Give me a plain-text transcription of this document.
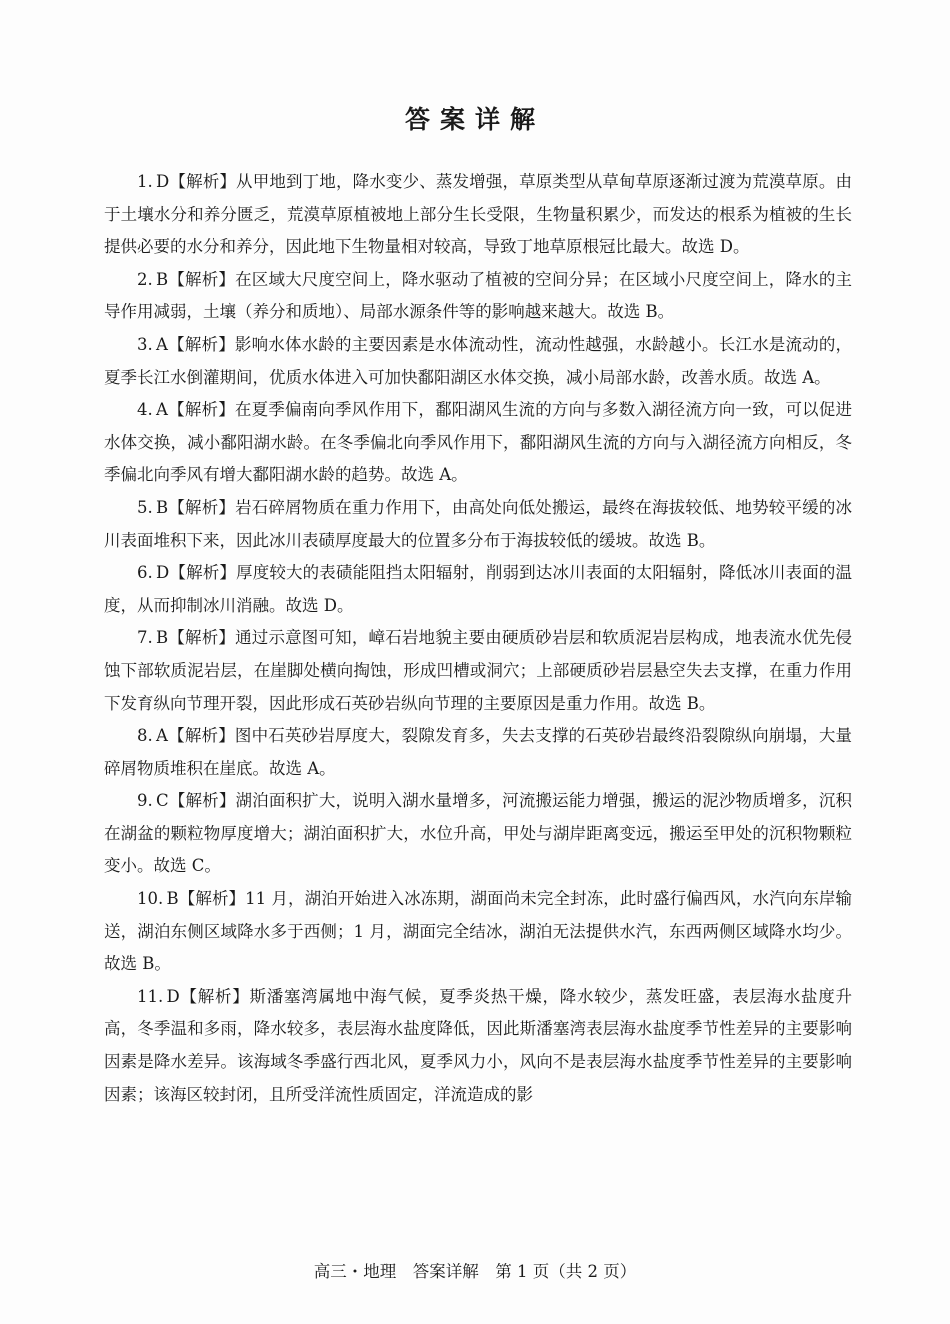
答案详解

1.  D【解析】从甲地到丁地，降水变少、蒸发增强，草原类型从草甸草原逐渐过渡为荒漠草原。由于土壤水分和养分匮乏，荒漠草原植被地上部分生长受限，生物量积累少，而发达的根系为植被的生长提供必要的水分和养分，因此地下生物量相对较高，导致丁地草原根冠比最大。故选 D。

2.  B【解析】在区域大尺度空间上，降水驱动了植被的空间分异；在区域小尺度空间上，降水的主导作用减弱，土壤（养分和质地）、局部水源条件等的影响越来越大。故选 B。

3.  A【解析】影响水体水龄的主要因素是水体流动性，流动性越强，水龄越小。长江水是流动的，夏季长江水倒灌期间，优质水体进入可加快鄱阳湖区水体交换，减小局部水龄，改善水质。故选 A。

4.  A【解析】在夏季偏南向季风作用下，鄱阳湖风生流的方向与多数入湖径流方向一致，可以促进水体交换，减小鄱阳湖水龄。在冬季偏北向季风作用下，鄱阳湖风生流的方向与入湖径流方向相反，冬季偏北向季风有增大鄱阳湖水龄的趋势。故选 A。

5.  B【解析】岩石碎屑物质在重力作用下，由高处向低处搬运，最终在海拔较低、地势较平缓的冰川表面堆积下来，因此冰川表碛厚度最大的位置多分布于海拔较低的缓坡。故选 B。

6.  D【解析】厚度较大的表碛能阻挡太阳辐射，削弱到达冰川表面的太阳辐射，降低冰川表面的温度，从而抑制冰川消融。故选 D。

7.  B【解析】通过示意图可知，嶂石岩地貌主要由硬质砂岩层和软质泥岩层构成，地表流水优先侵蚀下部软质泥岩层，在崖脚处横向掏蚀，形成凹槽或洞穴；上部硬质砂岩层悬空失去支撑，在重力作用下发育纵向节理开裂，因此形成石英砂岩纵向节理的主要原因是重力作用。故选 B。

8.  A【解析】图中石英砂岩厚度大，裂隙发育多，失去支撑的石英砂岩最终沿裂隙纵向崩塌，大量碎屑物质堆积在崖底。故选 A。

9.  C【解析】湖泊面积扩大，说明入湖水量增多，河流搬运能力增强，搬运的泥沙物质增多，沉积在湖盆的颗粒物厚度增大；湖泊面积扩大，水位升高，甲处与湖岸距离变远，搬运至甲处的沉积物颗粒变小。故选 C。

10.  B【解析】11 月，湖泊开始进入冰冻期，湖面尚未完全封冻，此时盛行偏西风，水汽向东岸输送，湖泊东侧区域降水多于西侧；1 月，湖面完全结冰，湖泊无法提供水汽，东西两侧区域降水均少。故选 B。

11.  D【解析】斯潘塞湾属地中海气候，夏季炎热干燥，降水较少，蒸发旺盛，表层海水盐度升高，冬季温和多雨，降水较多，表层海水盐度降低，因此斯潘塞湾表层海水盐度季节性差异的主要影响因素是降水差异。该海域冬季盛行西北风，夏季风力小，风向不是表层海水盐度季节性差异的主要影响因素；该海区较封闭，且所受洋流性质固定，洋流造成的影

高三・地理　答案详解　第 1 页（共 2 页）
